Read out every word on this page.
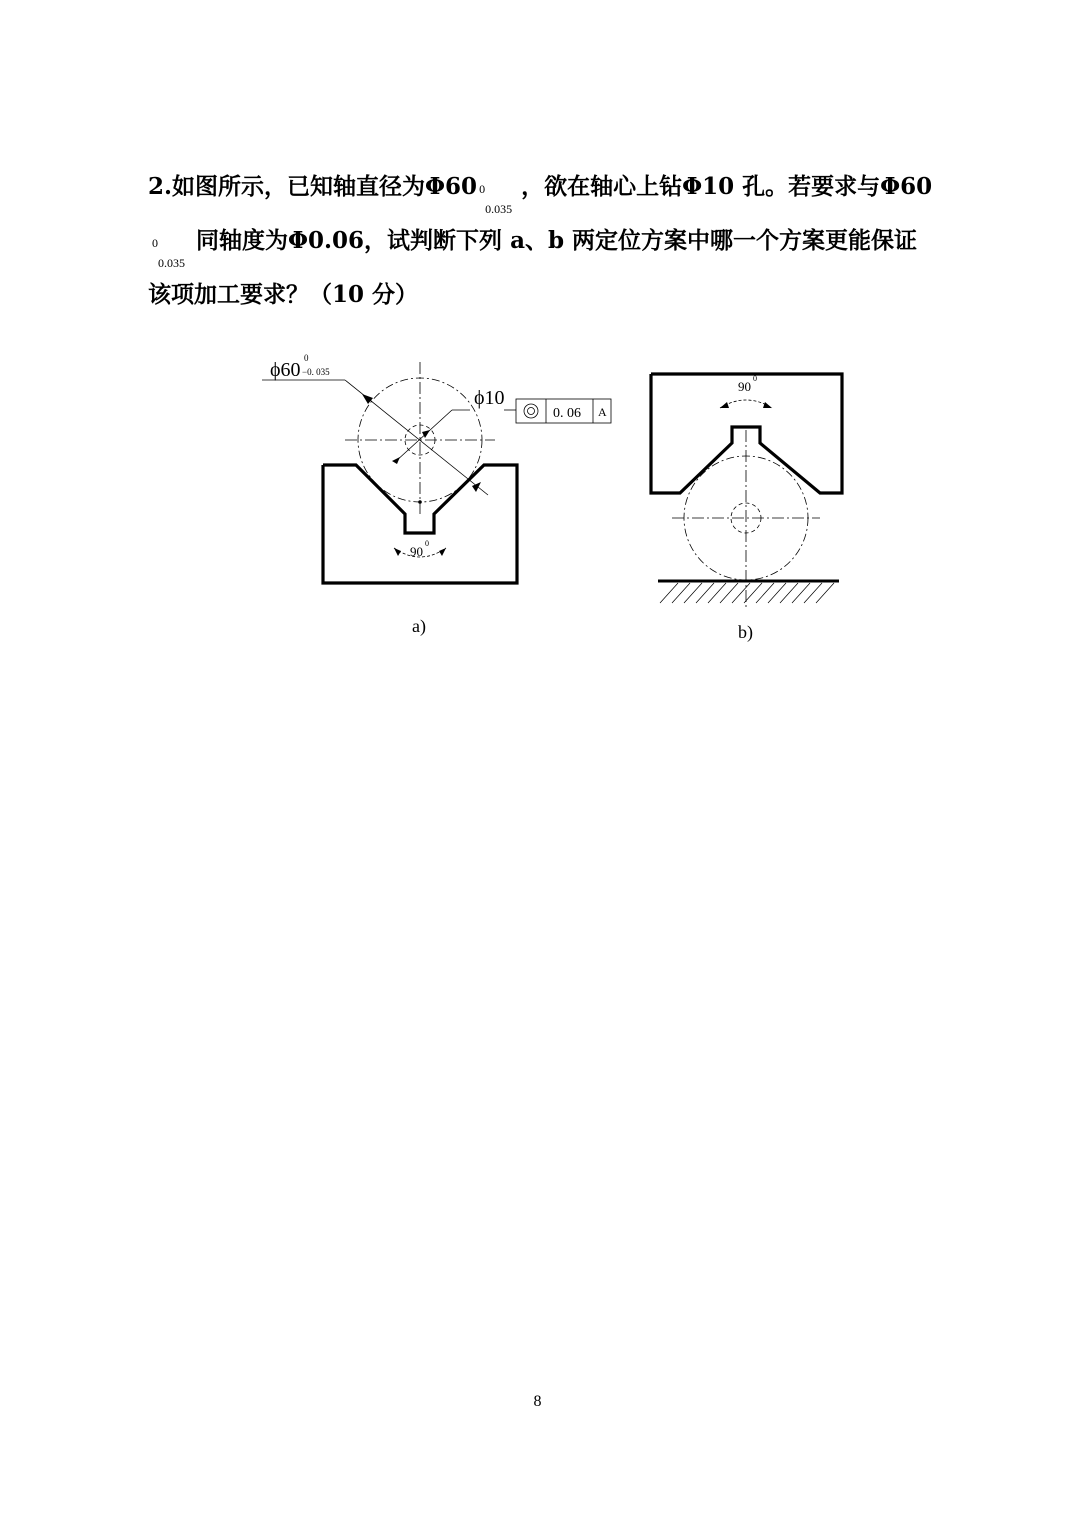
2.如图所示，已知轴直径为Φ60 0
0.035
，欲在轴心上钻Φ10 孔。若要求与Φ60
0
0.035
同轴度为Φ0.06，试判断下列 a、b 两定位方案中哪一个方案更能保证
该项加工要求？（10 分）
ϕ60
0
−0. 035
ϕ10
0. 06 A
90
0
90
0
a)	b)
8
